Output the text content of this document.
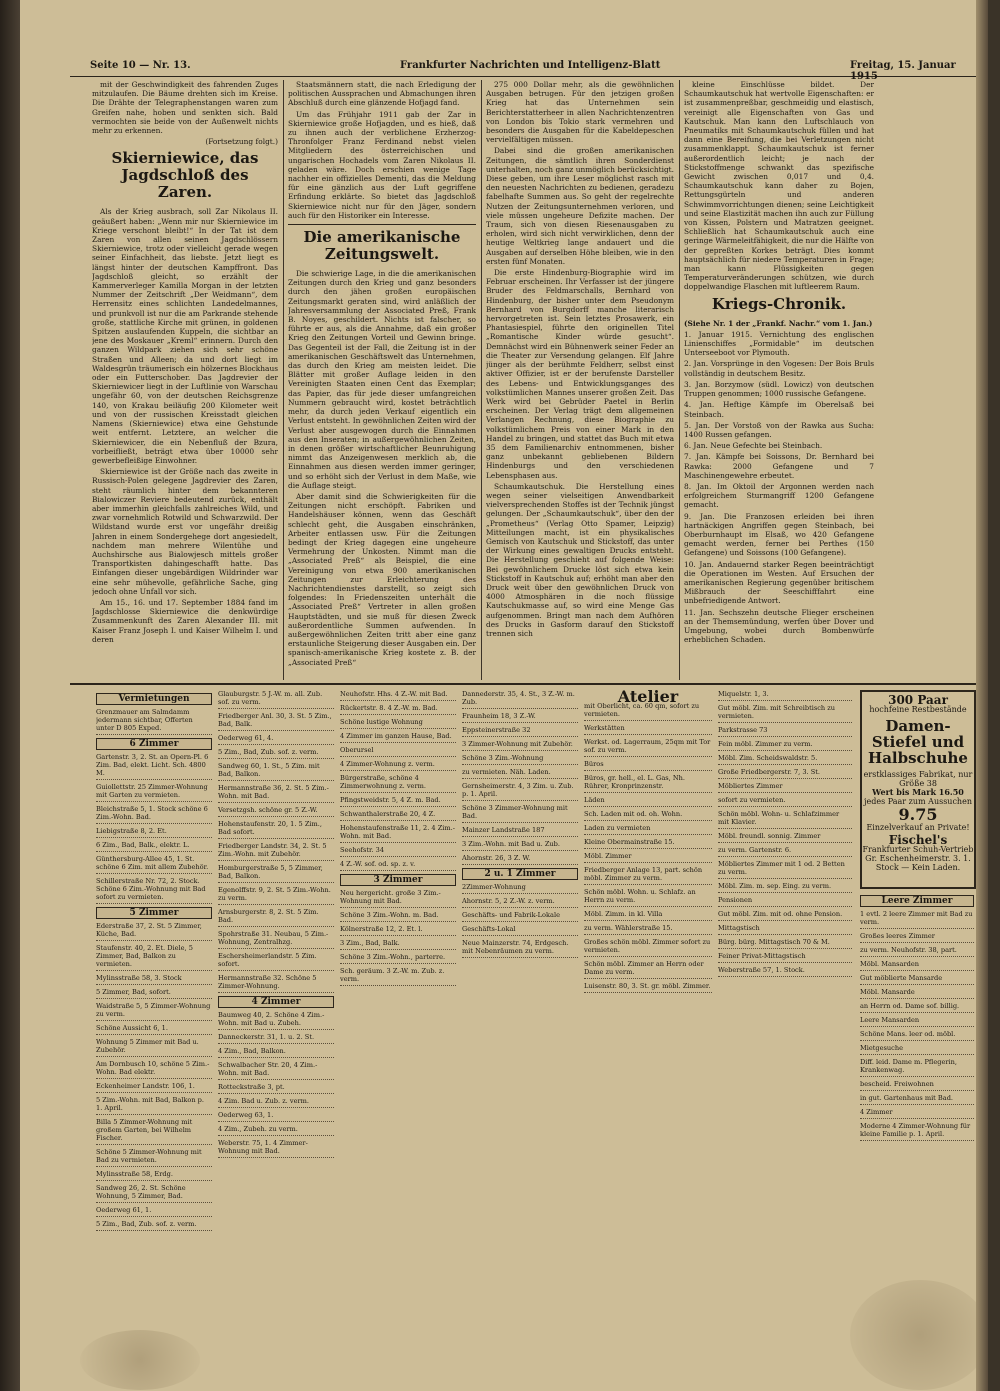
Seite 10 — Nr. 13.	Frankfurter Nachrichten und Intelligenz-Blatt	Freitag, 15. Januar 1915

mit der Geschwindigkeit des fahrenden Zuges mitzulaufen. Die Bäume drehten sich im Kreise. Die Drähte der Telegraphenstangen waren zum Greifen nahe, hoben und senkten sich. Bald vermochten sie beide von der Außenwelt nichts mehr zu erkennen.

(Fortsetzung folgt.)

Skierniewice, das Jagdschloß des Zaren.

Als der Krieg ausbrach, soll Zar Nikolaus II. geäußert haben: „Wenn mir nur Skierniewice im Kriege verschont bleibt!“ In der Tat ist dem Zaren von allen seinen Jagdschlössern Skierniewice, trotz oder vielleicht gerade wegen seiner Einfachheit, das liebste. Jetzt liegt es längst hinter der deutschen Kampffront. Das Jagdschloß gleicht, so erzählt der Kammerverleger Kamilla Morgan in der letzten Nummer der Zeitschrift „Der Weidmann“, dem Herrensitz eines schlichten Landedelmannes, und prunkvoll ist nur die am Parkrande stehende große, stattliche Kirche mit grünen, in goldenen Spitzen auslaufenden Kuppeln, die sichtbar an jene des Moskauer „Kreml“ erinnern. Durch den ganzen Wildpark ziehen sich sehr schöne Straßen und Alleen; da und dort liegt im Waldesgrün träumerisch ein hölzernes Blockhaus oder ein Futterschober. Das Jagdrevier der Skierniewicer liegt in der Luftlinie von Warschau ungefähr 60, von der deutschen Reichsgrenze 140, von Krakau beiläufig 200 Kilometer weit und von der russischen Kreisstadt gleichen Namens (Skierniewice) etwa eine Gehstunde weit entfernt. Letztere, an welcher die Skierniewicer, die ein Nebenfluß der Bzura, vorbeifließt, beträgt etwa über 10000 sehr gewerbefleißige Einwohner.

Skierniewice ist der Größe nach das zweite in Russisch-Polen gelegene Jagdrevier des Zaren, steht räumlich hinter dem bekannteren Bialowiczer Reviere bedeutend zurück, enthält aber immerhin gleichfalls zahlreiches Wild, und zwar vornehmlich Rotwild und Schwarzwild. Der Wildstand wurde erst vor ungefähr dreißig Jahren in einem Sondergehege dort angesiedelt, nachdem man mehrere Wilentühe und Auchshirsche aus Bialowjesch mittels großer Transportkisten dahingeschafft hatte. Das Einfangen dieser ungebärdigen Wildrinder war eine sehr mühevolle, gefährliche Sache, ging jedoch ohne Unfall vor sich.

Am 15., 16. und 17. September 1884 fand im Jagdschlosse Skierniewice die denkwürdige Zusammenkunft des Zaren Alexander III. mit Kaiser Franz Joseph I. und Kaiser Wilhelm I. und deren

Staatsmännern statt, die nach Erledigung der politischen Aussprachen und Abmachungen ihren Abschluß durch eine glänzende Hofjagd fand.

Um das Frühjahr 1911 gab der Zar in Skierniewice große Hofjagden, und es hieß, daß zu ihnen auch der verblichene Erzherzog-Thronfolger Franz Ferdinand nebst vielen Mitgliedern des österreichischen und ungarischen Hochadels vom Zaren Nikolaus II. geladen wäre. Doch erschien wenige Tage nachher ein offizielles Dementi, das die Meldung für eine gänzlich aus der Luft gegriffene Erfindung erklärte. So bietet das Jagdschloß Skierniewice nicht nur für den Jäger, sondern auch für den Historiker ein Interesse.

Die amerikanische Zeitungswelt.

Die schwierige Lage, in die die amerikanischen Zeitungen durch den Krieg und ganz besonders durch den jähen großen europäischen Zeitungsmarkt geraten sind, wird anläßlich der Jahresversammlung der Associated Preß, Frank B. Noyes, geschildert. Nichts ist falscher, so führte er aus, als die Annahme, daß ein großer Krieg den Zeitungen Vorteil und Gewinn bringe. Das Gegenteil ist der Fall, die Zeitung ist in der amerikanischen Geschäftswelt das Unternehmen, das durch den Krieg am meisten leidet. Die Blätter mit großer Auflage leiden in den Vereinigten Staaten einen Cent das Exemplar; das Papier, das für jede dieser umfangreichen Nummern gebraucht wird, kostet beträchtlich mehr, da durch jeden Verkauf eigentlich ein Verlust entsteht. In gewöhnlichen Zeiten wird der Verlust aber ausgewogen durch die Einnahmen aus den Inseraten; in außergewöhnlichen Zeiten, in denen größer wirtschaftlicher Beunruhigung nimmt das Anzeigenwesen merklich ab, die Einnahmen aus diesen werden immer geringer, und so erhöht sich der Verlust in dem Maße, wie die Auflage steigt.

Aber damit sind die Schwierigkeiten für die Zeitungen nicht erschöpft. Fabriken und Handelshäuser können, wenn das Geschäft schlecht geht, die Ausgaben einschränken, Arbeiter entlassen usw. Für die Zeitungen bedingt der Krieg dagegen eine ungeheure Vermehrung der Unkosten. Nimmt man die „Associated Preß“ als Beispiel, die eine Vereinigung von etwa 900 amerikanischen Zeitungen zur Erleichterung des Nachrichtendienstes darstellt, so zeigt sich folgendes: In Friedenszeiten unterhält die „Associated Preß“ Vertreter in allen großen Hauptstädten, und sie muß für diesen Zweck außerordentliche Summen aufwenden. In außergewöhnlichen Zeiten tritt aber eine ganz erstaunliche Steigerung dieser Ausgaben ein. Der spanisch-amerikanische Krieg kostete z. B. der „Associated Preß“

275 000 Dollar mehr, als die gewöhnlichen Ausgaben betrugen. Für den jetzigen großen Krieg hat das Unternehmen sein Berichterstatterheer in allen Nachrichtenzentren von London bis Tokio stark vermehren und besonders die Ausgaben für die Kabeldepeschen vervielfältigen müssen.

Dabei sind die großen amerikanischen Zeitungen, die sämtlich ihren Sonderdienst unterhalten, noch ganz unmöglich berücksichtigt. Diese geben, um ihre Leser möglichst rasch mit den neuesten Nachrichten zu bedienen, geradezu fabelhafte Summen aus. So geht der regelrechte Nutzen der Zeitungsunternehmen verloren, und viele müssen ungeheure Defizite machen. Der Traum, sich von diesen Riesenausgaben zu erholen, wird sich nicht verwirklichen, denn der heutige Weltkrieg lange andauert und die Ausgaben auf derselben Höhe bleiben, wie in den ersten fünf Monaten.

Die erste Hindenburg-Biographie wird im Februar erscheinen. Ihr Verfasser ist der jüngere Bruder des Feldmarschalls, Bernhard von Hindenburg, der bisher unter dem Pseudonym Bernhard von Burgdorff manche literarisch hervorgetreten ist. Sein letztes Prosawerk, ein Phantasiespiel, führte den originellen Titel „Romantische Kinder würde gesucht“. Demnächst wird ein Bühnenwerk seiner Feder an die Theater zur Versendung gelangen. Elf Jahre jünger als der berühmte Feldherr, selbst einst aktiver Offizier, ist er der berufenste Darsteller des Lebens- und Entwicklungsganges des volkstümlichen Mannes unserer großen Zeit. Das Werk wird bei Gebrüder Paetel in Berlin erscheinen. Der Verlag trägt dem allgemeinen Verlangen Rechnung, diese Biographie zu volkstümlichem Preis von einer Mark in den Handel zu bringen, und stattet das Buch mit etwa 35 dem Familienarchiv entnommenen, bisher ganz unbekannt gebliebenen Bildern Hindenburgs und den verschiedenen Lebensphasen aus.

Schaumkautschuk. Die Herstellung eines wegen seiner vielseitigen Anwendbarkeit vielversprechenden Stoffes ist der Technik jüngst gelungen. Der „Schaumkautschuk“, über den der „Prometheus“ (Verlag Otto Spamer, Leipzig) Mitteilungen macht, ist ein physikalisches Gemisch von Kautschuk und Stickstoff, das unter der Wirkung eines gewaltigen Drucks entsteht. Die Herstellung geschieht auf folgende Weise: Bei gewöhnlichem Drucke löst sich etwa kein Stickstoff in Kautschuk auf; erhöht man aber den Druck weit über den gewöhnlichen Druck von 4000 Atmosphären in die noch flüssige Kautschukmasse auf, so wird eine Menge Gas aufgenommen. Bringt man nach dem Aufhören des Drucks in Gasform darauf den Stickstoff trennen sich

kleine Einschlüsse bildet. Der Schaumkautschuk hat wertvolle Eigenschaften: er ist zusammenpreßbar, geschmeidig und elastisch, vereinigt alle Eigenschaften von Gas und Kautschuk. Man kann den Luftschlauch von Pneumatiks mit Schaumkautschuk füllen und hat dann eine Bereifung, die bei Verletzungen nicht zusammenklappt. Schaumkautschuk ist ferner außerordentlich leicht; je nach der Stickstoffmenge schwankt das spezifische Gewicht zwischen 0,017 und 0,4. Schaumkautschuk kann daher zu Bojen, Rettungsgürteln und anderen Schwimmvorrichtungen dienen; seine Leichtigkeit und seine Elastizität machen ihn auch zur Füllung von Kissen, Polstern und Matratzen geeignet. Schließlich hat Schaumkautschuk auch eine geringe Wärmeleitfähigkeit, die nur die Hälfte von der gepreßten Korkes beträgt. Dies kommt hauptsächlich für niedere Temperaturen in Frage; man kann Flüssigkeiten gegen Temperaturveränderungen schützen, wie durch doppelwandige Flaschen mit luftleerem Raum.

Kriegs-Chronik.

(Siehe Nr. 1 der „Frankf. Nachr.“ vom 1. Jan.)

1. Januar 1915. Vernichtung des englischen Linienschiffes „Formidable“ im deutschen Unterseeboot vor Plymouth.

2. Jan. Vorsprünge in den Vogesen: Der Bois Bruls vollständig in deutschem Besitz.

3. Jan. Borzymow (südl. Lowicz) von deutschen Truppen genommen; 1000 russische Gefangene.

4. Jan. Heftige Kämpfe im Oberelsaß bei Steinbach.

5. Jan. Der Vorstoß von der Rawka aus Sucha: 1400 Russen gefangen.

6. Jan. Neue Gefechte bei Steinbach.

7. Jan. Kämpfe bei Soissons, Dr. Bernhard bei Rawka: 2000 Gefangene und 7 Maschinengewehre erbeutet.

8. Jan. Im Oktoil der Argonnen werden nach erfolgreichem Sturmangriff 1200 Gefangene gemacht.

9. Jan. Die Franzosen erleiden bei ihren hartnäckigen Angriffen gegen Steinbach, bei Oberburnhaupt im Elsaß, wo 420 Gefangene gemacht werden, ferner bei Perthes (150 Gefangene) und Soissons (100 Gefangene).

10. Jan. Andauernd starker Regen beeinträchtigt die Operationen im Westen. Auf Ersuchen der amerikanischen Regierung gegenüber britischem Mißbrauch der Seeschifffahrt eine unbefriedigende Antwort.

11. Jan. Sechszehn deutsche Flieger erscheinen an der Themsemündung, werfen über Dover und Umgebung, wobei durch Bombenwürfe erheblichen Schaden.

Vermietungen
Grenzmauer am Salmdamm jedermann sichtbar, Offerten unter D 805 Exped.
6 Zimmer
Gartenstr. 3, 2. St. an Opern-Pl. 6 Zim. Bad, elekt. Licht. Sch. 4800 M.
Guiollettstr. 25 Zimmer-Wohnung mit Garten zu vermieten.
Bleichstraße 5, 1. Stock schöne 6 Zim.-Wohn. Bad.
Liebigstraße 8, 2. Et.
6 Zim., Bad, Balk., elektr. L.
Günthersburg-Allee 45, 1. St. schöne 6 Zim. mit allem Zubehör.
Schillerstraße Nr. 72, 2. Stock. Schöne 6 Zim.-Wohnung mit Bad sofort zu vermieten.
5 Zimmer
Ederstraße 37, 2. St. 5 Zimmer, Küche, Bad.
Staufenstr. 40, 2. Et. Diele, 5 Zimmer, Bad, Balkon zu vermieten.
Mylinsstraße 58, 3. Stock
5 Zimmer, Bad, sofort.
Waidstraße 5, 5 Zimmer-Wohnung zu verm.
Schöne Aussicht 6, 1.
Wohnung 5 Zimmer mit Bad u. Zubehör.
Am Dornbusch 10, schöne 5 Zim.-Wohn. Bad elektr.
Eckenheimer Landstr. 106, 1.
5 Zim.-Wohn. mit Bad, Balkon p. 1. April.
Billa 5 Zimmer-Wohnung mit großem Garten, bei Wilhelm Fischer.
Schöne 5 Zimmer-Wohnung mit Bad zu vermieten.
Mylinsstraße 58, Erdg.
Sandweg 26, 2. St. Schöne Wohnung, 5 Zimmer, Bad.
Oederweg 61, 1.
5 Zim., Bad, Zub. sof. z. verm.
Glauburgstr. 5 J.-W. m. all. Zub. sof. zu verm.
Friedberger Anl. 30, 3. St. 5 Zim., Bad, Balk.
Oederweg 61, 4.
5 Zim., Bad, Zub. sof. z. verm.
Sandweg 60, 1. St., 5 Zim. mit Bad, Balkon.
Hermannstraße 36, 2. St. 5 Zim.-Wohn. mit Bad.
Versetzgsh. schöne gr. 5 Z.-W.
Hohenstaufenstr. 20, 1. 5 Zim., Bad sofort.
Friedberger Landstr. 34, 2. St. 5 Zim.-Wohn. mit Zubehör.
Homburgerstraße 5, 5 Zimmer, Bad, Balkon.
Egenolffstr. 9, 2. St. 5 Zim.-Wohn. zu verm.
Arnsburgerstr. 8, 2. St. 5 Zim. Bad.
Spohrstraße 31. Neubau, 5 Zim.-Wohnung, Zentralhzg.
Eschersheimerlandstr. 5 Zim. sofort.
Hermannstraße 32. Schöne 5 Zimmer-Wohnung.
4 Zimmer
Baumweg 40, 2. Schöne 4 Zim.-Wohn. mit Bad u. Zubeh.
Danneckerstr. 31, 1. u. 2. St.
4 Zim., Bad, Balkon.
Schwalbacher Str. 20, 4 Zim.-Wohn. mit Bad.
Rotteckstraße 3, pt.
4 Zim. Bad u. Zub. z. verm.
Oederweg 63, 1.
4 Zim., Zubeh. zu verm.
Weberstr. 75, 1. 4 Zimmer-Wohnung mit Bad.
Neuhofstr. Hhs. 4 Z.-W. mit Bad.
Rückertstr. 8. 4 Z.-W. m. Bad.
Schöne lustige Wohnung
4 Zimmer im ganzen Hause, Bad.
Oberursel
4 Zimmer-Wohnung z. verm.
Bürgerstraße, schöne 4 Zimmerwohnung z. verm.
Pfingstweidstr. 5, 4 Z. m. Bad.
Schwanthalerstraße 20, 4 Z.
Hohenstaufenstraße 11, 2. 4 Zim.-Wohn. mit Bad.
Seehofstr. 34
4 Z.-W. sof. od. sp. z. v.
3 Zimmer
Neu hergericht. große 3 Zim.-Wohnung mit Bad.
Schöne 3 Zim.-Wohn. m. Bad.
Kölnerstraße 12, 2. Et. l.
3 Zim., Bad, Balk.
Schöne 3 Zim.-Wohn., parterre.
Sch. geräum. 3 Z.-W. m. Zub. z. verm.
Dannederstr. 35, 4. St., 3 Z.-W. m. Zub.
Fraunheim 18, 3 Z.-W.
Eppsteinerstraße 32
3 Zimmer-Wohnung mit Zubehör.
Schöne 3 Zim.-Wohnung
zu vermieten. Näh. Laden.
Gernsheimerstr. 4, 3 Zim. u. Zub. p. 1. April.
Schöne 3 Zimmer-Wohnung mit Bad.
Mainzer Landstraße 187
3 Zim.-Wohn. mit Bad u. Zub.
Ahornstr. 26, 3 Z. W.
2 u. 1 Zimmer
2Zimmer-Wohnung
Ahornstr. 5, 2 Z.-W. z. verm.
Geschäfts- und Fabrik-Lokale
Geschäfts-Lokal
Neue Mainzerstr. 74, Erdgesch. mit Nebenräumen zu verm.
Atelier
mit Oberlicht, ca. 60 qm, sofort zu vermieten.
Werkstätten
Werkst. od. Lagerraum, 25qm mit Tor sof. zu verm.
Büros
Büros, gr. hell., el. L. Gas, Nh. Rührer, Kronprinzenstr.
Läden
Sch. Laden mit od. oh. Wohn.
Laden zu vermieten
Kleine Obermainstraße 15.
Möbl. Zimmer
Friedberger Anlage 13, part. schön möbl. Zimmer zu verm.
Schön möbl. Wohn. u. Schlafz. an Herrn zu verm.
Möbl. Zimm. in kl. Villa
zu verm. Wählerstraße 15.
Großes schön möbl. Zimmer sofort zu vermieten.
Schön möbl. Zimmer an Herrn oder Dame zu verm.
Luisenstr. 80, 3. St. gr. möbl. Zimmer.
Miquelstr. 1, 3.
Gut möbl. Zim. mit Schreibtisch zu vermieten.
Parkstrasse 73
Fein möbl. Zimmer zu verm.
Möbl. Zim. Scheidswaldstr. 5.
Große Friedbergerstr. 7, 3. St.
Möbliertes Zimmer
sofort zu vermieten.
Schön möbl. Wohn- u. Schlafzimmer mit Klavier.
Möbl. freundl. sonnig. Zimmer
zu verm. Gartenstr. 6.
Möbliertes Zimmer mit 1 od. 2 Betten zu verm.
Möbl. Zim. m. sep. Eing. zu verm.
Pensionen
Gut möbl. Zim. mit od. ohne Pension.
Mittagstisch
Bürg. bürg. Mittagstisch 70 & M.
Feiner Privat-Mittagstisch
Weberstraße 57, 1. Stock.
300 Paar
hochfeine Restbestände
Damen-Stiefel und Halbschuhe
erstklassiges Fabrikat, nur Größe 38
Wert bis Mark 16.50
jedes Paar zum Aussuchen
9.75
Einzelverkauf an Private!
Fischel's
Frankfurter Schuh-Vertrieb
Gr. Eschenheimerstr. 3. 1. Stock — Kein Laden.
Leere Zimmer
1 evtl. 2 leere Zimmer mit Bad zu verm.
Großes leeres Zimmer
zu verm. Neuhofstr. 38, part.
Möbl. Mansarden
Gut möblierte Mansarde
Möbl. Mansarde
an Herrn od. Dame sof. billig.
Leere Mansarden
Schöne Mans. leer od. möbl.
Mietgesuche
Diff. leid. Dame m. Pflegerin, Krankenwag.
bescheid. Freiwohnen
in gut. Gartenhaus mit Bad.
4 Zimmer
Moderne 4 Zimmer-Wohnung für kleine Familie p. 1. April.
